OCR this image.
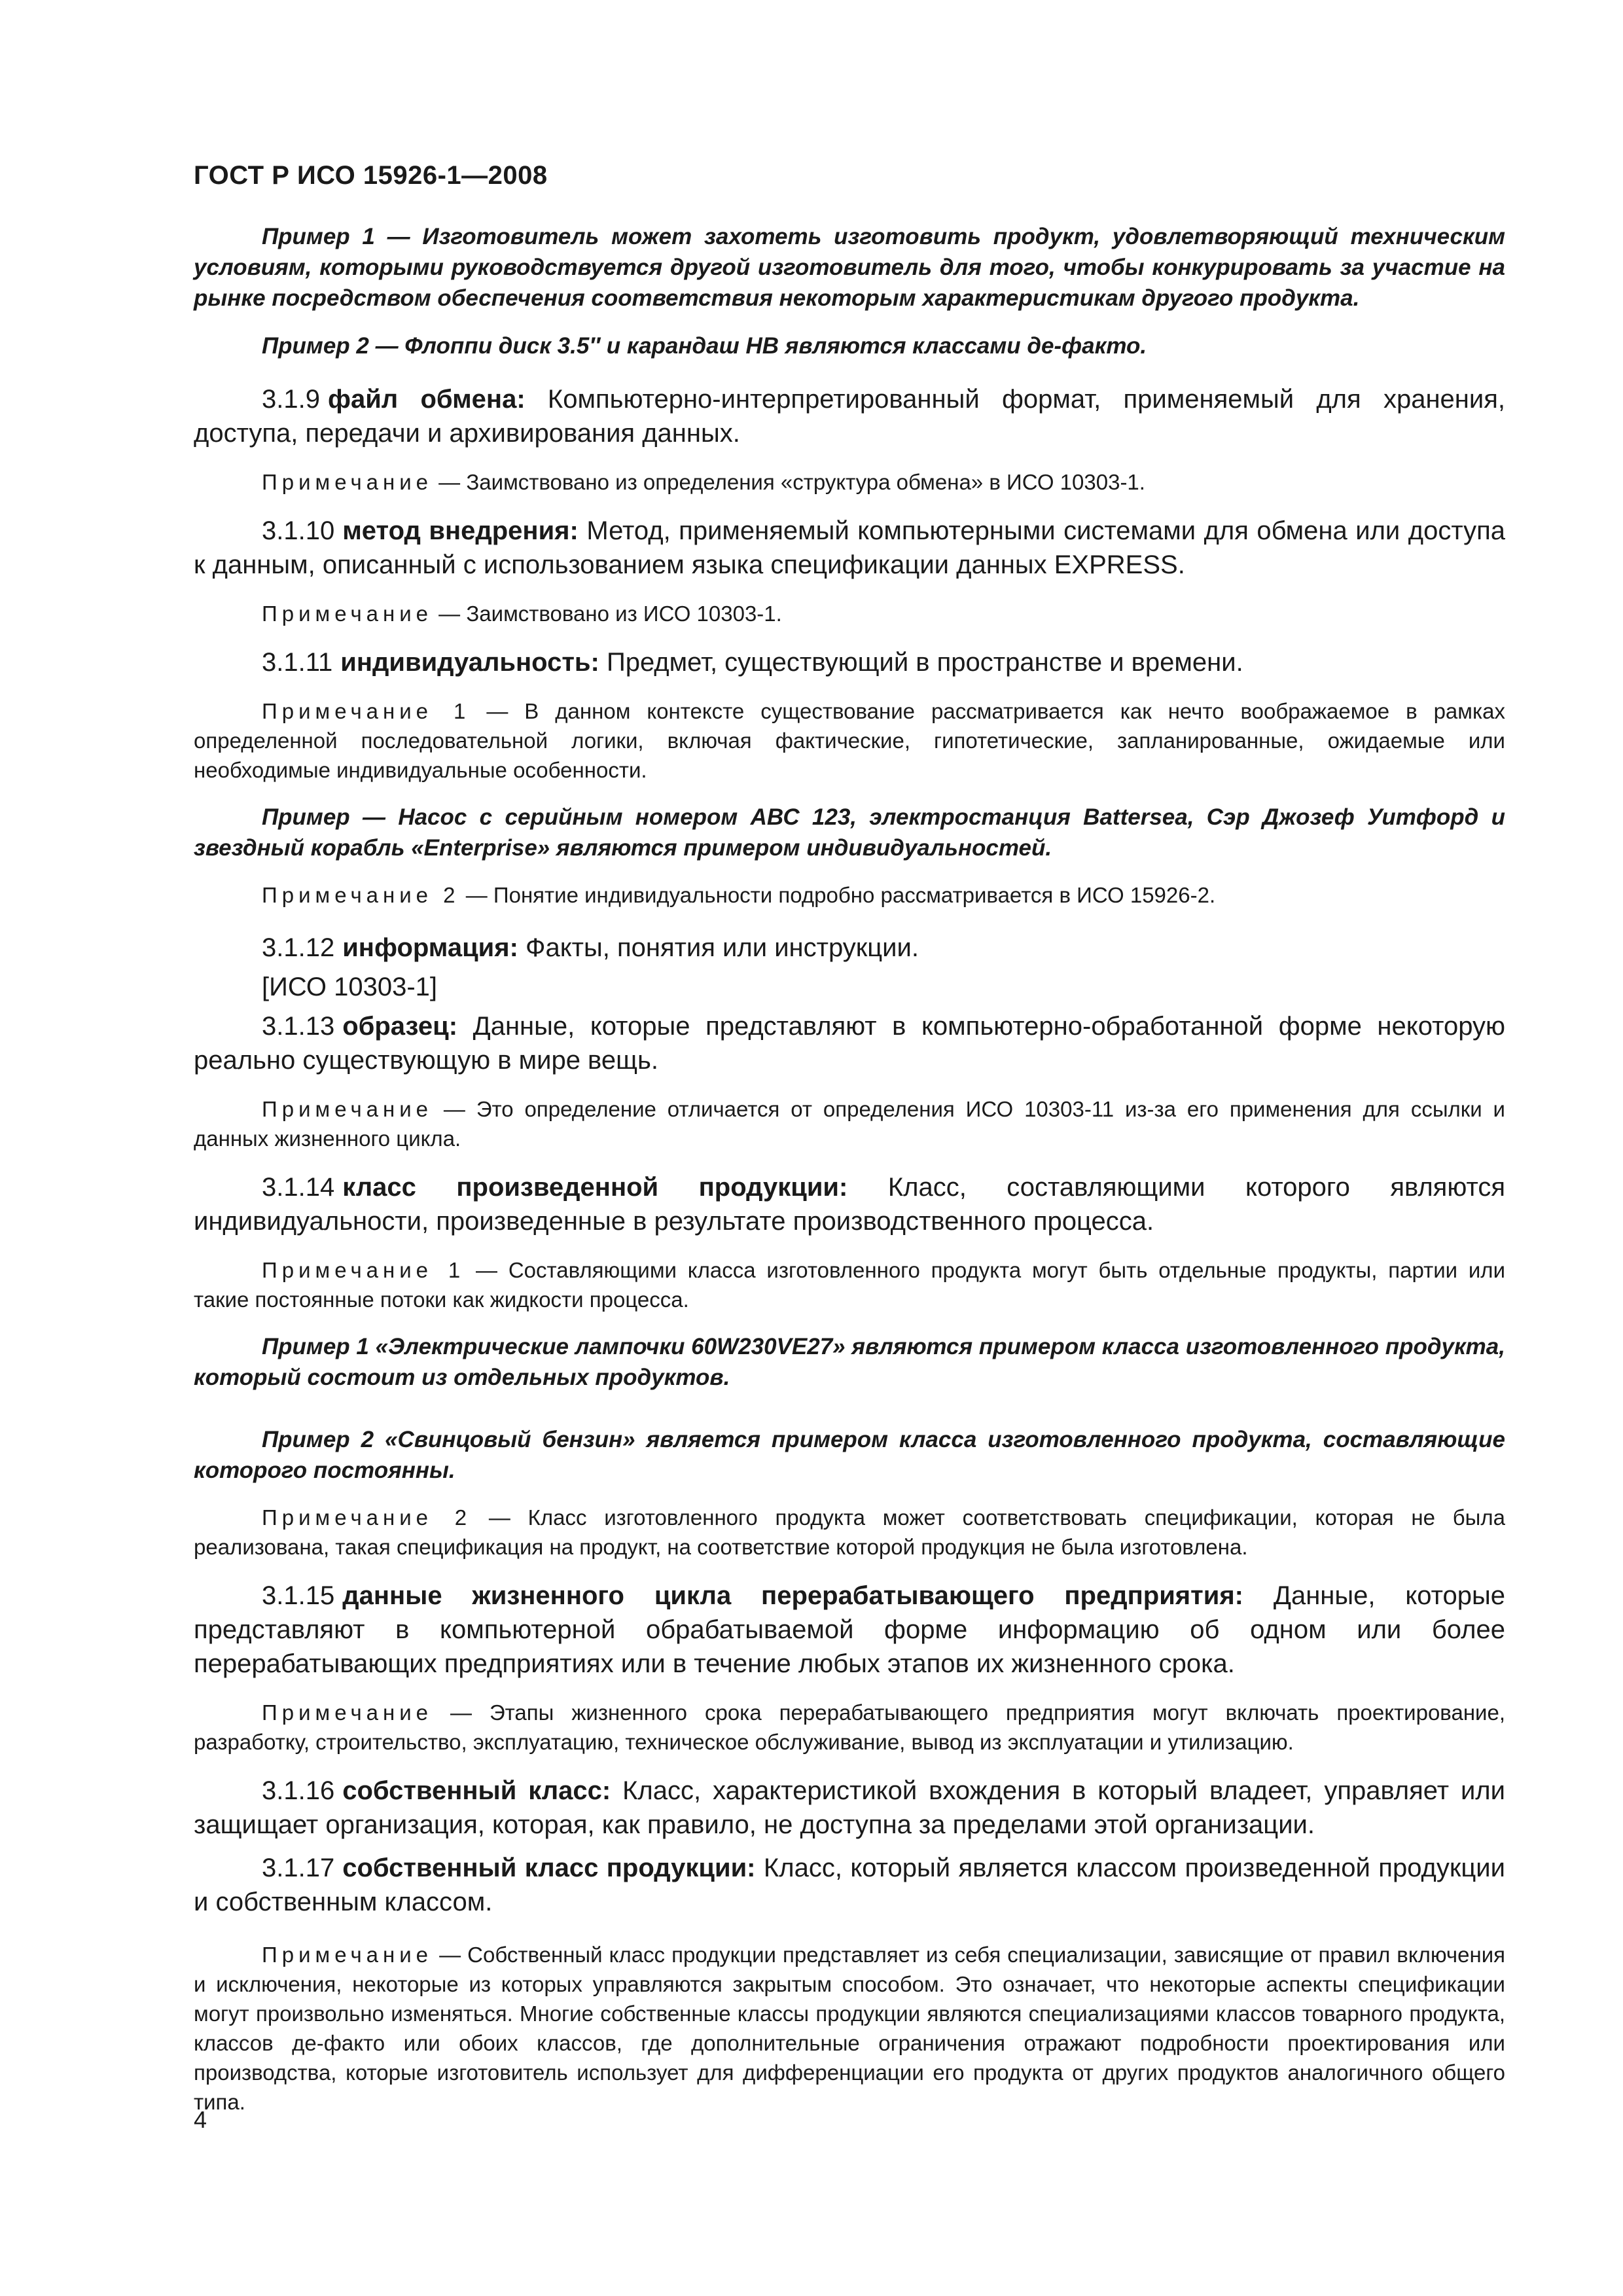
ГОСТ Р ИСО 15926-1—2008

Пример 1 — Изготовитель может захотеть изготовить продукт, удовлетворяющий техническим условиям, которыми руководствуется другой изготовитель для того, чтобы конкурировать за участие на рынке посредством обеспечения соответствия некоторым характеристикам другого продукта.

Пример 2 — Флоппи диск 3.5″ и карандаш НВ являются классами де-факто.

3.1.9 файл обмена: Компьютерно-интерпретированный формат, применяемый для хранения, доступа, передачи и архивирования данных.

Примечание — Заимствовано из определения «структура обмена» в ИСО 10303-1.

3.1.10 метод внедрения: Метод, применяемый компьютерными системами для обмена или доступа к данным, описанный с использованием языка спецификации данных EXPRESS.

Примечание — Заимствовано из ИСО 10303-1.

3.1.11 индивидуальность: Предмет, существующий в пространстве и времени.

Примечание 1 — В данном контексте существование рассматривается как нечто воображаемое в рамках определенной последовательной логики, включая фактические, гипотетические, запланированные, ожидаемые или необходимые индивидуальные особенности.

Пример — Насос с серийным номером АВС 123, электростанция Battersea, Сэр Джозеф Уитфорд и звездный корабль «Enterprise» являются примером индивидуальностей.

Примечание 2 — Понятие индивидуальности подробно рассматривается в ИСО 15926-2.

3.1.12 информация: Факты, понятия или инструкции.

[ИСО 10303-1]

3.1.13 образец: Данные, которые представляют в компьютерно-обработанной форме некоторую реально существующую в мире вещь.

Примечание — Это определение отличается от определения ИСО 10303-11 из-за его применения для ссылки и данных жизненного цикла.

3.1.14 класс произведенной продукции: Класс, составляющими которого являются индивидуальности, произведенные в результате производственного процесса.

Примечание 1 — Составляющими класса изготовленного продукта могут быть отдельные продукты, партии или такие постоянные потоки как жидкости процесса.

Пример 1 «Электрические лампочки 60W230VE27» являются примером класса изготовленного продукта, который состоит из отдельных продуктов.

Пример 2 «Свинцовый бензин» является примером класса изготовленного продукта, составляющие которого постоянны.

Примечание 2 — Класс изготовленного продукта может соответствовать спецификации, которая не была реализована, такая спецификация на продукт, на соответствие которой продукция не была изготовлена.

3.1.15 данные жизненного цикла перерабатывающего предприятия: Данные, которые представляют в компьютерной обрабатываемой форме информацию об одном или более перерабатывающих предприятиях или в течение любых этапов их жизненного срока.

Примечание — Этапы жизненного срока перерабатывающего предприятия могут включать проектирование, разработку, строительство, эксплуатацию, техническое обслуживание, вывод из эксплуатации и утилизацию.

3.1.16 собственный класс: Класс, характеристикой вхождения в который владеет, управляет или защищает организация, которая, как правило, не доступна за пределами этой организации.

3.1.17 собственный класс продукции: Класс, который является классом произведенной продукции и собственным классом.

Примечание — Собственный класс продукции представляет из себя специализации, зависящие от правил включения и исключения, некоторые из которых управляются закрытым способом. Это означает, что некоторые аспекты спецификации могут произвольно изменяться. Многие собственные классы продукции являются специализациями классов товарного продукта, классов де-факто или обоих классов, где дополнительные ограничения отражают подробности проектирования или производства, которые изготовитель использует для дифференциации его продукта от других продуктов аналогичного общего типа.

4
